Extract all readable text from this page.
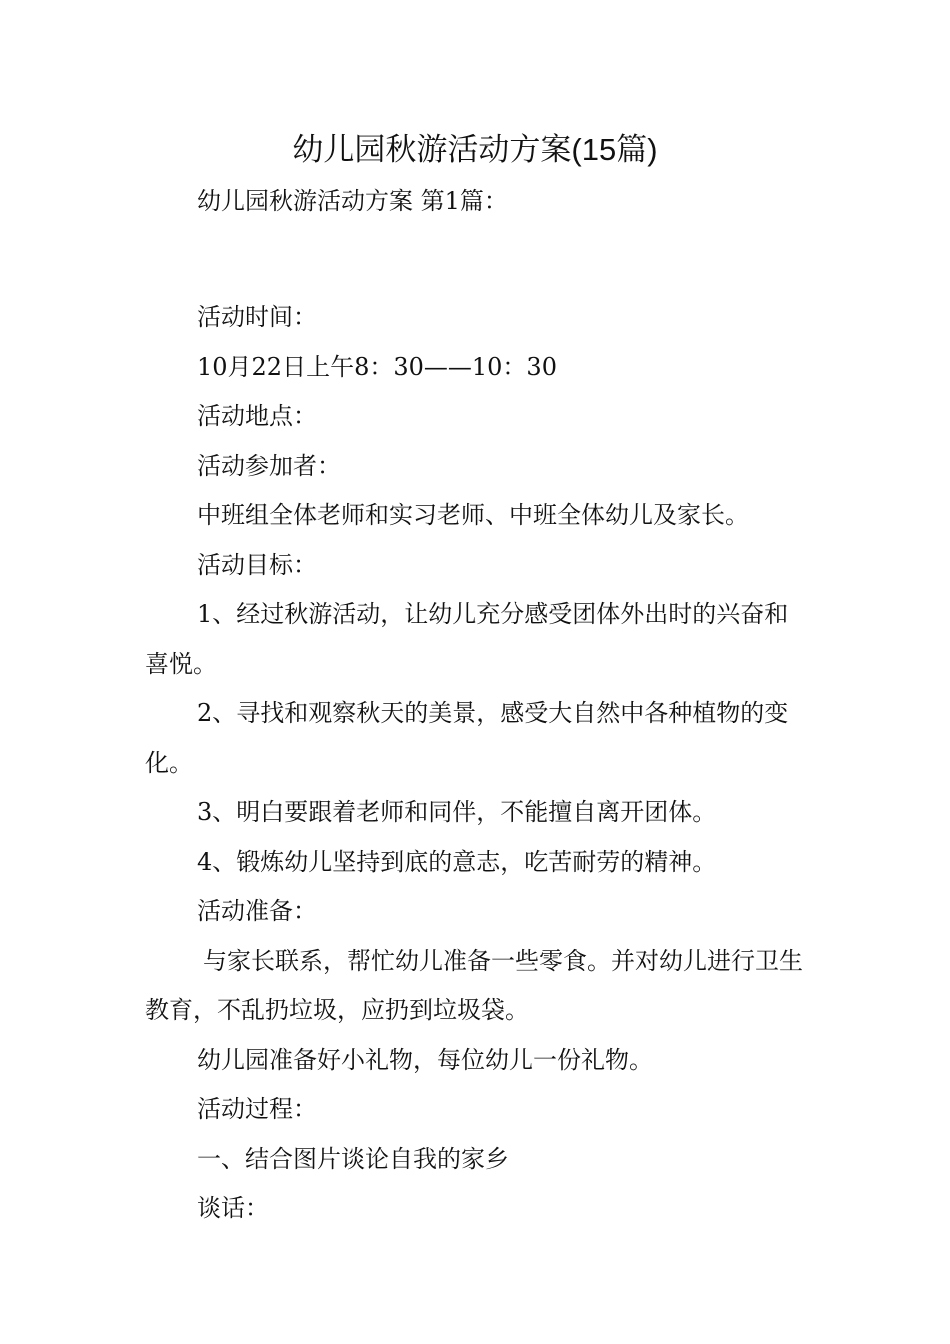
幼儿园秋游活动方案(15篇)

幼儿园秋游活动方案 第1篇：

活动时间：

10月22日上午8：30——10：30

活动地点：

活动参加者：

中班组全体老师和实习老师、中班全体幼儿及家长。

活动目标：

1、经过秋游活动，让幼儿充分感受团体外出时的兴奋和喜悦。

2、寻找和观察秋天的美景，感受大自然中各种植物的变化。

3、明白要跟着老师和同伴，不能擅自离开团体。

4、锻炼幼儿坚持到底的意志，吃苦耐劳的精神。

活动准备：

与家长联系，帮忙幼儿准备一些零食。并对幼儿进行卫生教育，不乱扔垃圾，应扔到垃圾袋。

幼儿园准备好小礼物，每位幼儿一份礼物。

活动过程：

一、结合图片谈论自我的家乡

谈话：
